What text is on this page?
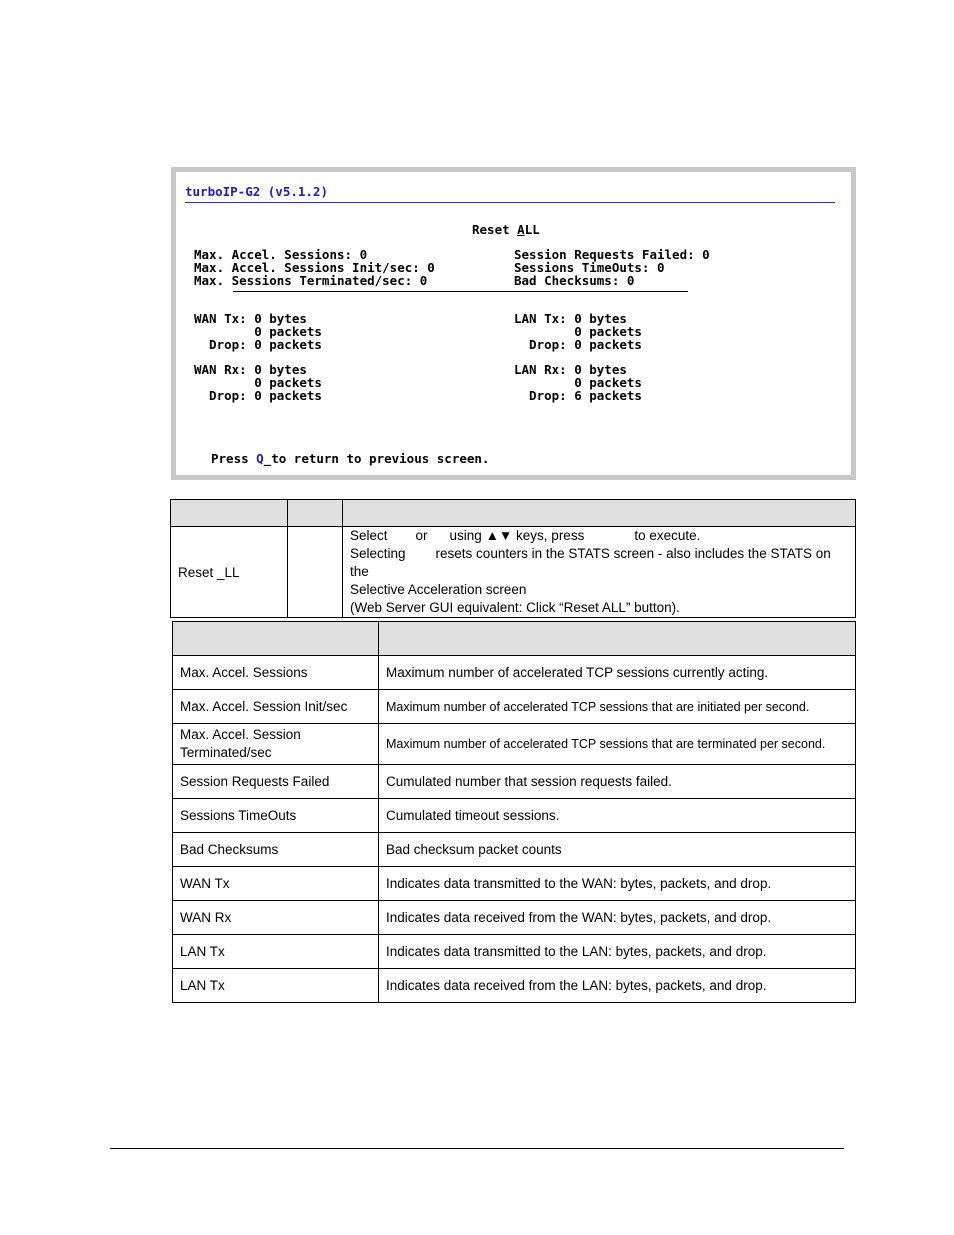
turboIP-G2 (v5.1.2)
Reset ALL
Max. Accel. Sessions: 0
Max. Accel. Sessions Init/sec: 0
Max. Sessions Terminated/sec: 0
Session Requests Failed: 0
Sessions TimeOuts: 0
Bad Checksums: 0
WAN Tx: 0 bytes
0 packets
Drop: 0 packets
LAN Tx: 0 bytes
0 packets
Drop: 0 packets
WAN Rx: 0 bytes
0 packets
Drop: 0 packets
LAN Rx: 0 bytes
0 packets
Drop: 6 packets
Press Q_to return to previous screen.

Reset _LL		Select or using ▲▼ keys, press to execute.
Selecting resets counters in the STATS screen - also includes the STATS on the
Selective Acceleration screen
(Web Server GUI equivalent: Click “Reset ALL” button).

Max. Accel. Sessions	Maximum number of accelerated TCP sessions currently acting.
Max. Accel. Session Init/sec	Maximum number of accelerated TCP sessions that are initiated per second.
Max. Accel. Session Terminated/sec	Maximum number of accelerated TCP sessions that are terminated per second.
Session Requests Failed	Cumulated number that session requests failed.
Sessions TimeOuts	Cumulated timeout sessions.
Bad Checksums	Bad checksum packet counts
WAN Tx	Indicates data transmitted to the WAN: bytes, packets, and drop.
WAN Rx	Indicates data received from the WAN: bytes, packets, and drop.
LAN Tx	Indicates data transmitted to the LAN: bytes, packets, and drop.
LAN Tx	Indicates data received from the LAN: bytes, packets, and drop.
